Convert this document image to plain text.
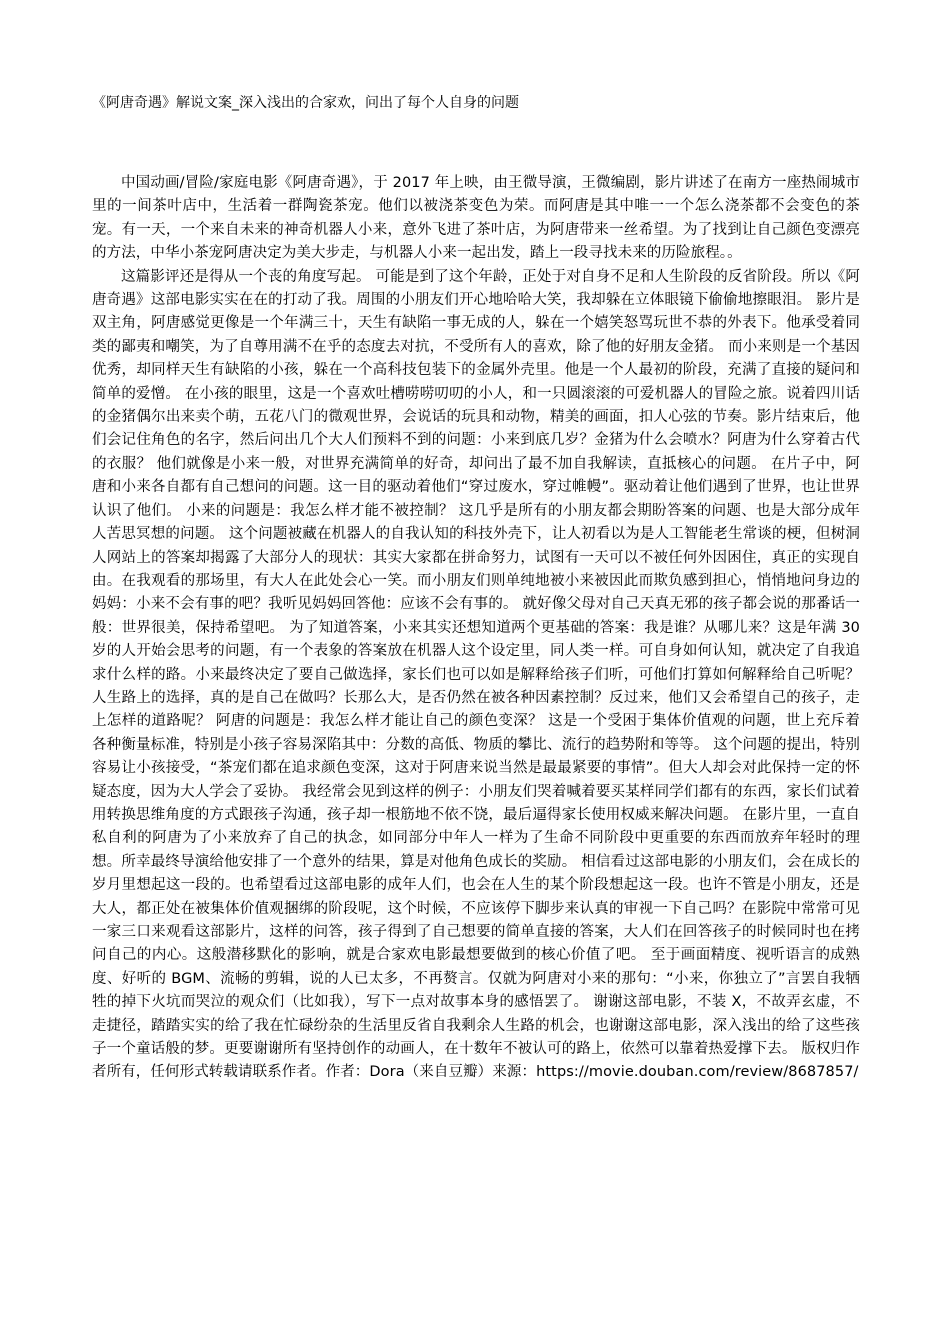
《阿唐奇遇》解说文案_深入浅出的合家欢，问出了每个人自身的问题

中国动画/冒险/家庭电影《阿唐奇遇》，于 2017 年上映，由王微导演，王微编剧，影片讲述了在南方一座热闹城市里的一间茶叶店中，生活着一群陶瓷茶宠。他们以被浇茶变色为荣。而阿唐是其中唯一一个怎么浇茶都不会变色的茶宠。有一天，一个来自未来的神奇机器人小来，意外飞进了茶叶店，为阿唐带来一丝希望。为了找到让自己颜色变漂亮的方法，中华小茶宠阿唐决定为美大步走，与机器人小来一起出发，踏上一段寻找未来的历险旅程。。

这篇影评还是得从一个丧的角度写起。 可能是到了这个年龄，正处于对自身不足和人生阶段的反省阶段。所以《阿唐奇遇》这部电影实实在在的打动了我。周围的小朋友们开心地哈哈大笑，我却躲在立体眼镜下偷偷地擦眼泪。 影片是双主角，阿唐感觉更像是一个年满三十，天生有缺陷一事无成的人，躲在一个嬉笑怒骂玩世不恭的外表下。他承受着同类的鄙夷和嘲笑，为了自尊用满不在乎的态度去对抗，不受所有人的喜欢，除了他的好朋友金猪。 而小来则是一个基因优秀，却同样天生有缺陷的小孩，躲在一个高科技包装下的金属外壳里。他是一个人最初的阶段，充满了直接的疑问和简单的爱憎。 在小孩的眼里，这是一个喜欢吐槽唠唠叨叨的小人，和一只圆滚滚的可爱机器人的冒险之旅。说着四川话的金猪偶尔出来卖个萌，五花八门的微观世界，会说话的玩具和动物，精美的画面，扣人心弦的节奏。影片结束后，他们会记住角色的名字，然后问出几个大人们预料不到的问题：小来到底几岁？金猪为什么会喷水？阿唐为什么穿着古代的衣服？ 他们就像是小来一般，对世界充满简单的好奇，却问出了最不加自我解读，直抵核心的问题。 在片子中，阿唐和小来各自都有自己想问的问题。这一目的驱动着他们“穿过废水，穿过帷幔”。驱动着让他们遇到了世界，也让世界认识了他们。 小来的问题是：我怎么样才能不被控制？ 这几乎是所有的小朋友都会期盼答案的问题、也是大部分成年人苦思冥想的问题。 这个问题被藏在机器人的自我认知的科技外壳下，让人初看以为是人工智能老生常谈的梗，但树洞人网站上的答案却揭露了大部分人的现状：其实大家都在拼命努力，试图有一天可以不被任何外因困住，真正的实现自由。在我观看的那场里，有大人在此处会心一笑。而小朋友们则单纯地被小来被因此而欺负感到担心，悄悄地问身边的妈妈：小来不会有事的吧？我听见妈妈回答他：应该不会有事的。 就好像父母对自己天真无邪的孩子都会说的那番话一般：世界很美，保持希望吧。 为了知道答案，小来其实还想知道两个更基础的答案：我是谁？从哪儿来？这是年满 30 岁的人开始会思考的问题，有一个表象的答案放在机器人这个设定里，同人类一样。可自身如何认知，就决定了自我追求什么样的路。小来最终决定了要自己做选择，家长们也可以如是解释给孩子们听，可他们打算如何解释给自己听呢？人生路上的选择，真的是自己在做吗？长那么大，是否仍然在被各种因素控制？反过来，他们又会希望自己的孩子，走上怎样的道路呢？ 阿唐的问题是：我怎么样才能让自己的颜色变深？ 这是一个受困于集体价值观的问题，世上充斥着各种衡量标准，特别是小孩子容易深陷其中：分数的高低、物质的攀比、流行的趋势附和等等。 这个问题的提出，特别容易让小孩接受，“茶宠们都在追求颜色变深，这对于阿唐来说当然是最最紧要的事情”。但大人却会对此保持一定的怀疑态度，因为大人学会了妥协。 我经常会见到这样的例子：小朋友们哭着喊着要买某样同学们都有的东西，家长们试着用转换思维角度的方式跟孩子沟通，孩子却一根筋地不依不饶，最后逼得家长使用权威来解决问题。 在影片里，一直自私自利的阿唐为了小来放弃了自己的执念，如同部分中年人一样为了生命不同阶段中更重要的东西而放弃年轻时的理想。所幸最终导演给他安排了一个意外的结果，算是对他角色成长的奖励。 相信看过这部电影的小朋友们，会在成长的岁月里想起这一段的。也希望看过这部电影的成年人们，也会在人生的某个阶段想起这一段。也许不管是小朋友，还是大人，都正处在被集体价值观捆绑的阶段呢，这个时候，不应该停下脚步来认真的审视一下自己吗？在影院中常常可见一家三口来观看这部影片，这样的问答，孩子得到了自己想要的简单直接的答案，大人们在回答孩子的时候同时也在拷问自己的内心。这般潜移默化的影响，就是合家欢电影最想要做到的核心价值了吧。 至于画面精度、视听语言的成熟度、好听的 BGM、流畅的剪辑，说的人已太多，不再赘言。仅就为阿唐对小来的那句：“小来，你独立了”言罢自我牺牲的掉下火坑而哭泣的观众们（比如我），写下一点对故事本身的感悟罢了。 谢谢这部电影，不装 X，不故弄玄虚，不走捷径，踏踏实实的给了我在忙碌纷杂的生活里反省自我剩余人生路的机会，也谢谢这部电影，深入浅出的给了这些孩子一个童话般的梦。更要谢谢所有坚持创作的动画人，在十数年不被认可的路上，依然可以靠着热爱撑下去。 版权归作者所有，任何形式转载请联系作者。作者：Dora（来自豆瓣）来源：https://movie.douban.com/review/8687857/
